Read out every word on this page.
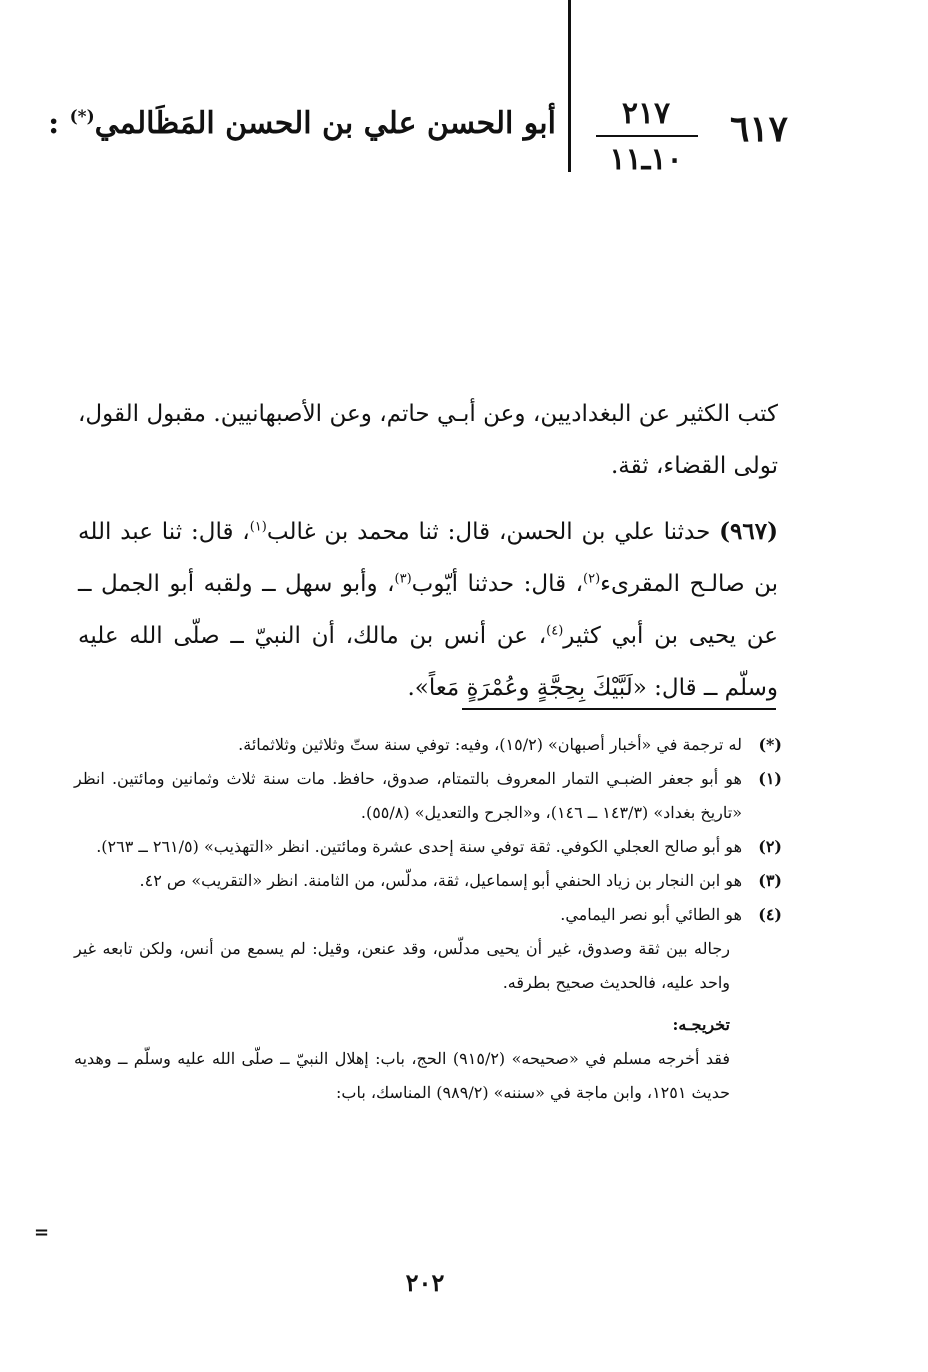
٦١٧
٢١٧
١٠ـ١١
أبو الحسن علي بن الحسن المَظَالمي(*) :

كتب الكثير عن البغداديين، وعن أبـي حاتم، وعن الأصبهانيين. مقبول القول، تولى القضاء، ثقة.

(٩٦٧) حدثنا علي بن الحسن، قال: ثنا محمد بن غالب$^{(١)}$، قال: ثنا عبد الله بن صالـح المقرىء$^{(٢)}$، قال: حدثنا أيّوب$^{(٣)}$، وأبو سهل ــ ولقبه أبو الجمل ــ عن يحيى بن أبي كثير$^{(٤)}$، عن أنس بن مالك، أن النبيّ ــ صلّى الله عليه وسلّم ــ قال: «لَبَّيْكَ بِحِجَّةٍ وعُمْرَةٍ مَعاً».

(*)
له ترجمة في «أخبار أصبهان» (١٥/٢)، وفيه: توفي سنة ستّ وثلاثين وثلاثمائة.
(١)
هو أبو جعفر الضبـي التمار المعروف بالتمتام، صدوق، حافظ. مات سنة ثلاث وثمانين ومائتين. انظر «تاريخ بغداد» (١٤٣/٣ ــ ١٤٦)، و«الجرح والتعديل» (٥٥/٨).
(٢)
هو أبو صالح العجلي الكوفي. ثقة توفي سنة إحدى عشرة ومائتين. انظر «التهذيب» (٢٦١/٥ ــ ٢٦٣).
(٣)
هو ابن النجار بن زياد الحنفي أبو إسماعيل، ثقة، مدلّس، من الثامنة. انظر «التقريب» ص ٤٢.
(٤)
هو الطائي أبو نصر اليمامي.
رجاله بين ثقة وصدوق، غير أن يحيى مدلّس، وقد عنعن، وقيل: لم يسمع من أنس، ولكن تابعه غير واحد عليه، فالحديث صحيح بطرقه.
تخريجـه:
فقد أخرجه مسلم في «صحيحه» (٩١٥/٢) الحج، باب: إهلال النبيّ ــ صلّى الله عليه وسلّم ــ وهديه حديث ١٢٥١، وابن ماجة في «سننه» (٩٨٩/٢) المناسك، باب:
=
٢٠٢
